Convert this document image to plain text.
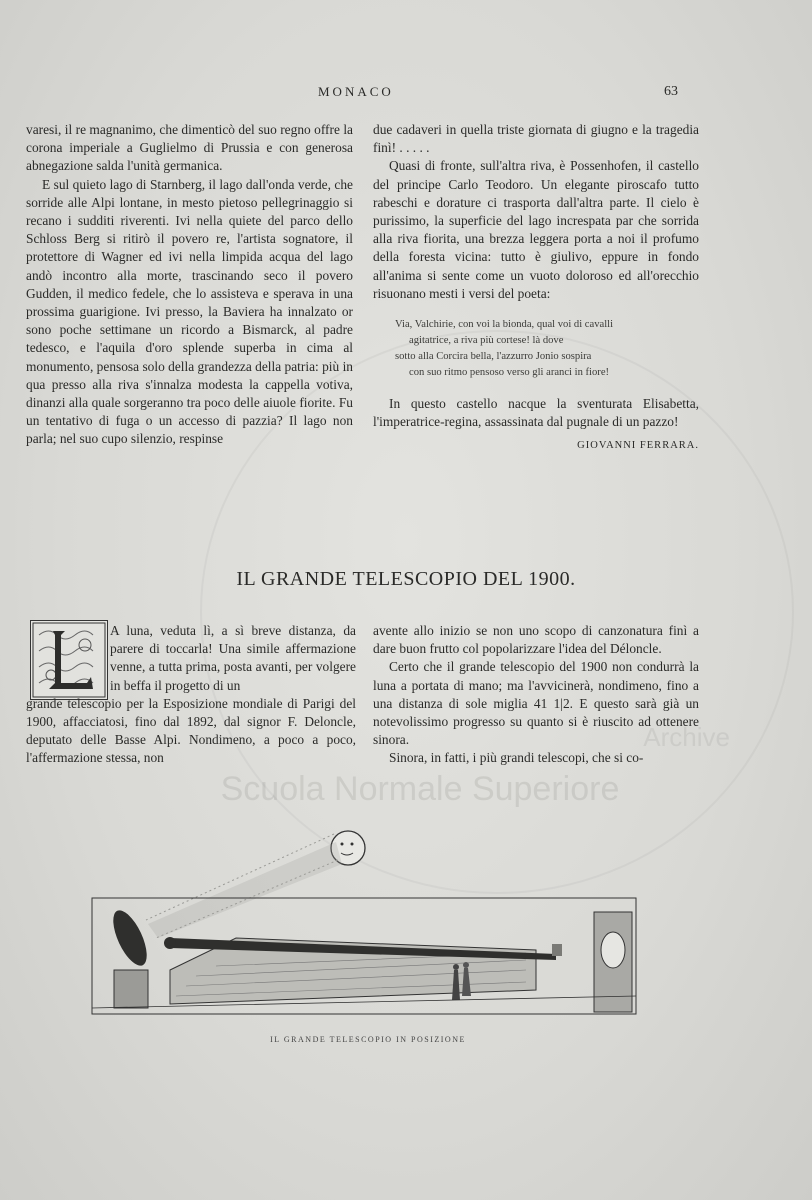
MONACO	63

varesi, il re magnanimo, che dimenticò del suo regno offre la corona imperiale a Guglielmo di Prussia e con generosa abnegazione salda l'unità germanica.

E sul quieto lago di Starnberg, il lago dall'onda verde, che sorride alle Alpi lontane, in mesto pietoso pellegrinaggio si recano i sudditi riverenti. Ivi nella quiete del parco dello Schloss Berg si ritirò il povero re, l'artista sognatore, il protettore di Wagner ed ivi nella limpida acqua del lago andò incontro alla morte, trascinando seco il povero Gudden, il medico fedele, che lo assisteva e sperava in una prossima guarigione. Ivi presso, la Baviera ha innalzato or sono poche settimane un ricordo a Bismarck, al padre tedesco, e l'aquila d'oro splende superba in cima al monumento, pensosa solo della grandezza della patria: più in qua presso alla riva s'innalza modesta la cappella votiva, dinanzi alla quale sorgeranno tra poco delle aiuole fiorite. Fu un tentativo di fuga o un accesso di pazzia? Il lago non parla; nel suo cupo silenzio, respinse

due cadaveri in quella triste giornata di giugno e la tragedia finì! . . . . .

Quasi di fronte, sull'altra riva, è Possenhofen, il castello del principe Carlo Teodoro. Un elegante piroscafo tutto rabeschi e dorature ci trasporta dall'altra parte. Il cielo è purissimo, la superficie del lago increspata par che sorrida alla riva fiorita, una brezza leggera porta a noi il profumo della foresta vicina: tutto è giulivo, eppure in fondo all'anima si sente come un vuoto doloroso ed all'orecchio risuonano mesti i versi del poeta:

Via, Valchirie, con voi la bionda, qual voi di cavalli
agitatrice, a riva più cortese! là dove
sotto alla Corcira bella, l'azzurro Jonio sospira
con suo ritmo pensoso verso gli aranci in fiore!

In questo castello nacque la sventurata Elisabetta, l'imperatrice-regina, assassinata dal pugnale di un pazzo!

GIOVANNI FERRARA.
IL GRANDE TELESCOPIO DEL 1900.

A luna, veduta lì, a sì breve distanza, da parere di toccarla! Una simile affermazione venne, a tutta prima, posta avanti, per volgere in beffa il progetto di un

grande telescopio per la Esposizione mondiale di Parigi del 1900, affacciatosi, fino dal 1892, dal signor F. Deloncle, deputato delle Basse Alpi. Nondimeno, a poco a poco, l'affermazione stessa, non

avente allo inizio se non uno scopo di canzonatura finì a dare buon frutto col popolarizzare l'idea del Déloncle.

Certo che il grande telescopio del 1900 non condurrà la luna a portata di mano; ma l'avvicinerà, nondimeno, fino a una distanza di sole miglia 41 1|2. E questo sarà già un notevolissimo progresso su quanto si è riuscito ad ottenere sinora.

Sinora, in fatti, i più grandi telescopi, che si co-

Archive
Scuola Normale Superiore
IL GRANDE TELESCOPIO IN POSIZIONE
